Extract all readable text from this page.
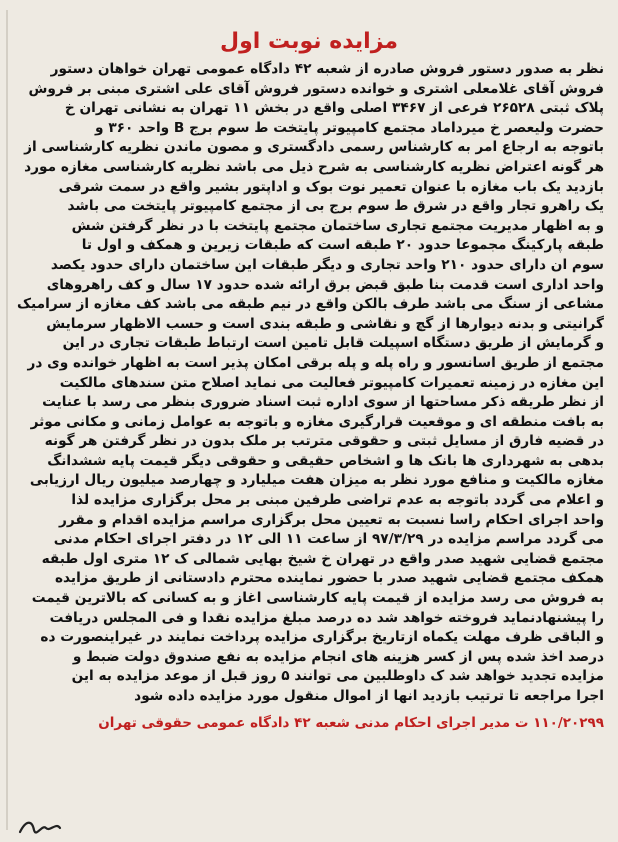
مزایده نوبت اول
نظر به صدور دستور فروش صادره از شعبه ۴۲ دادگاه عمومی تهران خواهان دستور
فروش آقای غلامعلی اشتری و خوانده دستور فروش آقای علی اشتری مبنی بر فروش
پلاک ثبتی ۲۶۵۲۸ فرعی از ۳۴۶۷ اصلی واقع در بخش ۱۱ تهران به نشانی تهران خ
حضرت ولیعصر خ میرداماد مجتمع کامپیوتر پایتخت ط سوم برج B واحد ۳۶۰ و
باتوجه به ارجاع امر به کارشناس رسمی دادگستری و مصون ماندن نظریه کارشناسی از
هر گونه اعتراض نظریه کارشناسی به شرح ذیل می باشد نظریه کارشناسی مغازه مورد
بازدید یک باب مغازه با عنوان تعمیر نوت بوک و اداپتور بشیر واقع در سمت شرقی
یک راهرو تجار واقع در شرق ط سوم برج بی از مجتمع کامپیوتر پایتخت می باشد
و به اظهار مدیریت مجتمع تجاری ساختمان مجتمع پایتخت با در نظر گرفتن شش
طبقه پارکینگ مجموعا حدود ۲۰ طبقه است که طبقات زیرین و همکف و اول تا
سوم ان دارای حدود ۲۱۰ واحد تجاری و دیگر طبقات این ساختمان دارای حدود یکصد
واحد اداری است قدمت بنا طبق قبض برق ارائه شده حدود ۱۷ سال و کف راهروهای
مشاعی از سنگ می باشد طرف بالکن واقع در نیم طبقه می باشد کف مغازه از سرامیک
گرانیتی و بدنه دیوارها از گچ و نقاشی و طبقه بندی است و حسب الاظهار سرمایش
و گرمایش از طریق دستگاه اسپیلت قابل تامین است ارتباط طبقات تجاری در این
مجتمع از طریق اسانسور و راه پله و پله برقی امکان پذیر است به اظهار خوانده وی در
این مغازه در زمینه تعمیرات کامپیوتر فعالیت می نماید اصلاح متن سندهای مالکیت
از نظر طریقه ذکر مساحتها از سوی اداره ثبت اسناد ضروری بنظر می رسد با عنایت
به بافت منطقه ای و موقعیت قرارگیری مغازه و باتوجه به عوامل زمانی و مکانی موثر
در قضیه فارق از مسایل ثبتی و حقوقی مترتب بر ملک بدون در نظر گرفتن هر گونه
بدهی به شهرداری ها بانک ها و اشخاص حقیقی و حقوقی دیگر قیمت پایه ششدانگ
مغازه مالکیت و منافع مورد نظر به میزان هفت میلیارد و چهارصد میلیون ریال ارزیابی
و اعلام می گردد باتوجه به عدم تراضی طرفین مبنی بر محل برگزاری مزایده لذا
واحد اجرای احکام راسا نسبت به تعیین محل برگزاری مراسم مزایده اقدام و مقرر
می گردد مراسم مزایده در ۹۷/۳/۲۹ از ساعت ۱۱ الی ۱۲ در دفتر اجرای احکام مدنی
مجتمع قضایی شهید صدر واقع در تهران خ شیخ بهایی شمالی ک ۱۲ متری اول طبقه
همکف مجتمع قضایی شهید صدر با حضور نماینده محترم دادستانی از طریق مزایده
به فروش می رسد مزایده از قیمت پایه کارشناسی اغاز و به کسانی که بالاترین قیمت
را پیشنهادنماید فروخته خواهد شد ده درصد مبلغ مزایده نقدا و فی المجلس دریافت
و الباقی ظرف مهلت یکماه ازتاریخ برگزاری مزایده پرداخت نمایند در غیراینصورت ده
درصد اخذ شده پس از کسر هزینه های انجام مزایده به نفع صندوق دولت ضبط و
مزایده تجدید خواهد شد ک داوطلبین می توانند ۵ روز قبل از موعد مزایده به این
اجرا مراجعه تا ترتیب بازدید انها از اموال منقول مورد مزایده داده شود
۱۱۰/۲۰۲۹۹ ت مدیر اجرای احکام مدنی شعبه ۴۲ دادگاه عمومی حقوقی تهران
